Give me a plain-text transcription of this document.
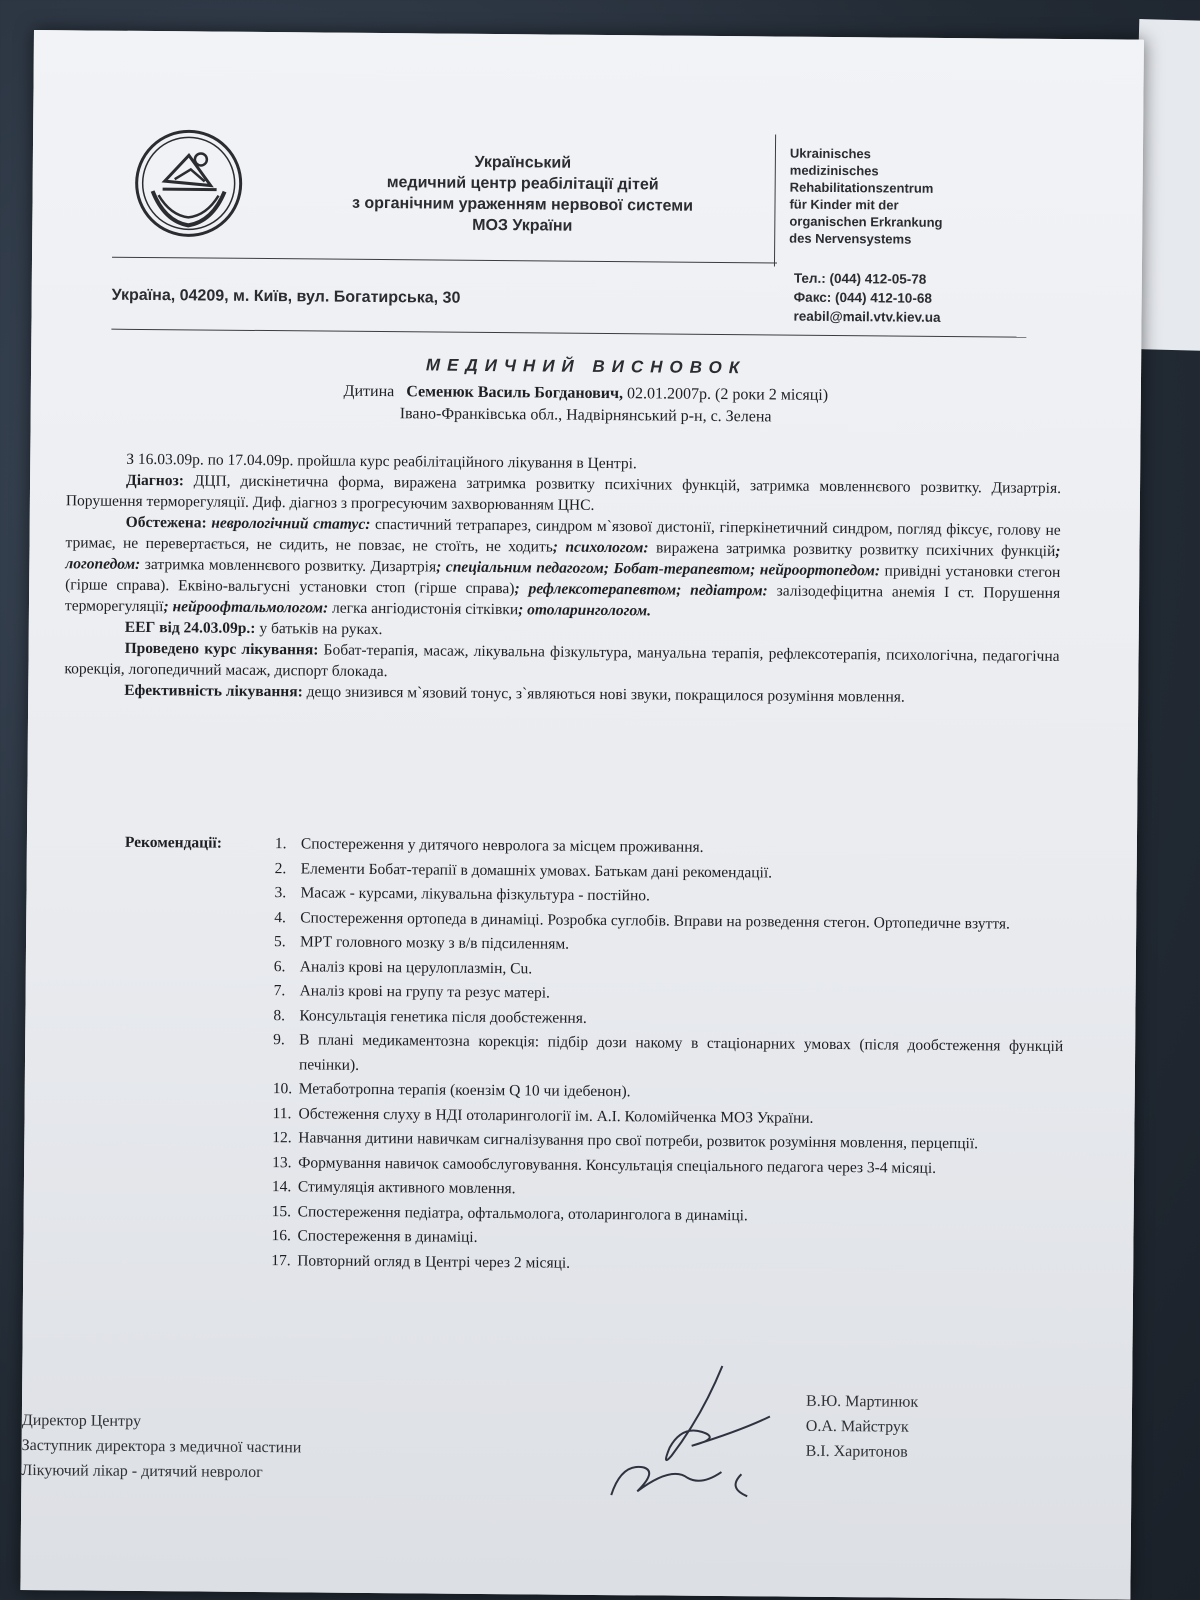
Український
медичний центр реабілітації дітей
з органічним ураженням нервової системи
МОЗ України
Ukrainisches
medizinisches
Rehabilitationszentrum
für Kinder mit der
organischen Erkrankung
des Nervensystems
Україна, 04209, м. Київ, вул. Богатирська, 30
Тел.: (044) 412-05-78
Факс: (044) 412-10-68
reabil@mail.vtv.kiev.ua
МЕДИЧНИЙ ВИСНОВОК
Дитина Семенюк Василь Богданович, 02.01.2007р. (2 роки 2 місяці)
Івано-Франківська обл., Надвірнянський р-н, с. Зелена

З 16.03.09р. по 17.04.09р. пройшла курс реабілітаційного лікування в Центрі.

Діагноз: ДЦП, дискінетична форма, виражена затримка розвитку психічних функцій, затримка мовленнєвого розвитку. Дизартрія. Порушення терморегуляції. Диф. діагноз з прогресуючим захворюванням ЦНС.

Обстежена: неврологічний статус: спастичний тетрапарез, синдром м`язової дистонії, гіперкінетичний синдром, погляд фіксує, голову не тримає, не перевертається, не сидить, не повзає, не стоїть, не ходить; психологом: виражена затримка розвитку розвитку психічних функцій; логопедом: затримка мовленнєвого розвитку. Дизартрія; спеціальним педагогом; Бобат-терапевтом; нейроортопедом: привідні установки стегон (гірше справа). Еквіно-вальгусні установки стоп (гірше справа); рефлексотерапевтом; педіатром: залізодефіцитна анемія І ст. Порушення терморегуляції; нейроофтальмологом: легка ангіодистонія сітківки; отоларингологом.

ЕЕГ від 24.03.09р.: у батьків на руках.

Проведено курс лікування: Бобат-терапія, масаж, лікувальна фізкультура, мануальна терапія, рефлексотерапія, психологічна, педагогічна корекція, логопедичний масаж, диспорт блокада.

Ефективність лікування: дещо знизився м`язовий тонус, з`являються нові звуки, покращилося розуміння мовлення.

Рекомендації:	1. Спостереження у дитячого невролога за місцем проживання.
2. Елементи Бобат-терапії в домашніх умовах. Батькам дані рекомендації.
3. Масаж - курсами, лікувальна фізкультура - постійно.
4. Спостереження ортопеда в динаміці. Розробка суглобів. Вправи на розведення стегон. Ортопедичне взуття.
5. МРТ головного мозку з в/в підсиленням.
6. Аналіз крові на церулоплазмін, Cu.
7. Аналіз крові на групу та резус матері.
8. Консультація генетика після дообстеження.
9. В плані медикаментозна корекція: підбір дози накому в стаціонарних умовах (після дообстеження функцій печінки).
10. Метаботропна терапія (коензім Q 10 чи ідебенон).
11. Обстеження слуху в НДІ отоларингології ім. А.І. Коломійченка МОЗ України.
12. Навчання дитини навичкам сигналізування про свої потреби, розвиток розуміння мовлення, перцепції.
13. Формування навичок самообслуговування. Консультація спеціального педагога через 3-4 місяці.
14. Стимуляція активного мовлення.
15. Спостереження педіатра, офтальмолога, отоларинголога в динаміці.
16. Спостереження в динаміці.
17. Повторний огляд в Центрі через 2 місяці.
Директор Центру
Заступник директора з медичної частини
Лікуючий лікар - дитячий невролог
В.Ю. Мартинюк
О.А. Майструк
В.І. Харитонов
